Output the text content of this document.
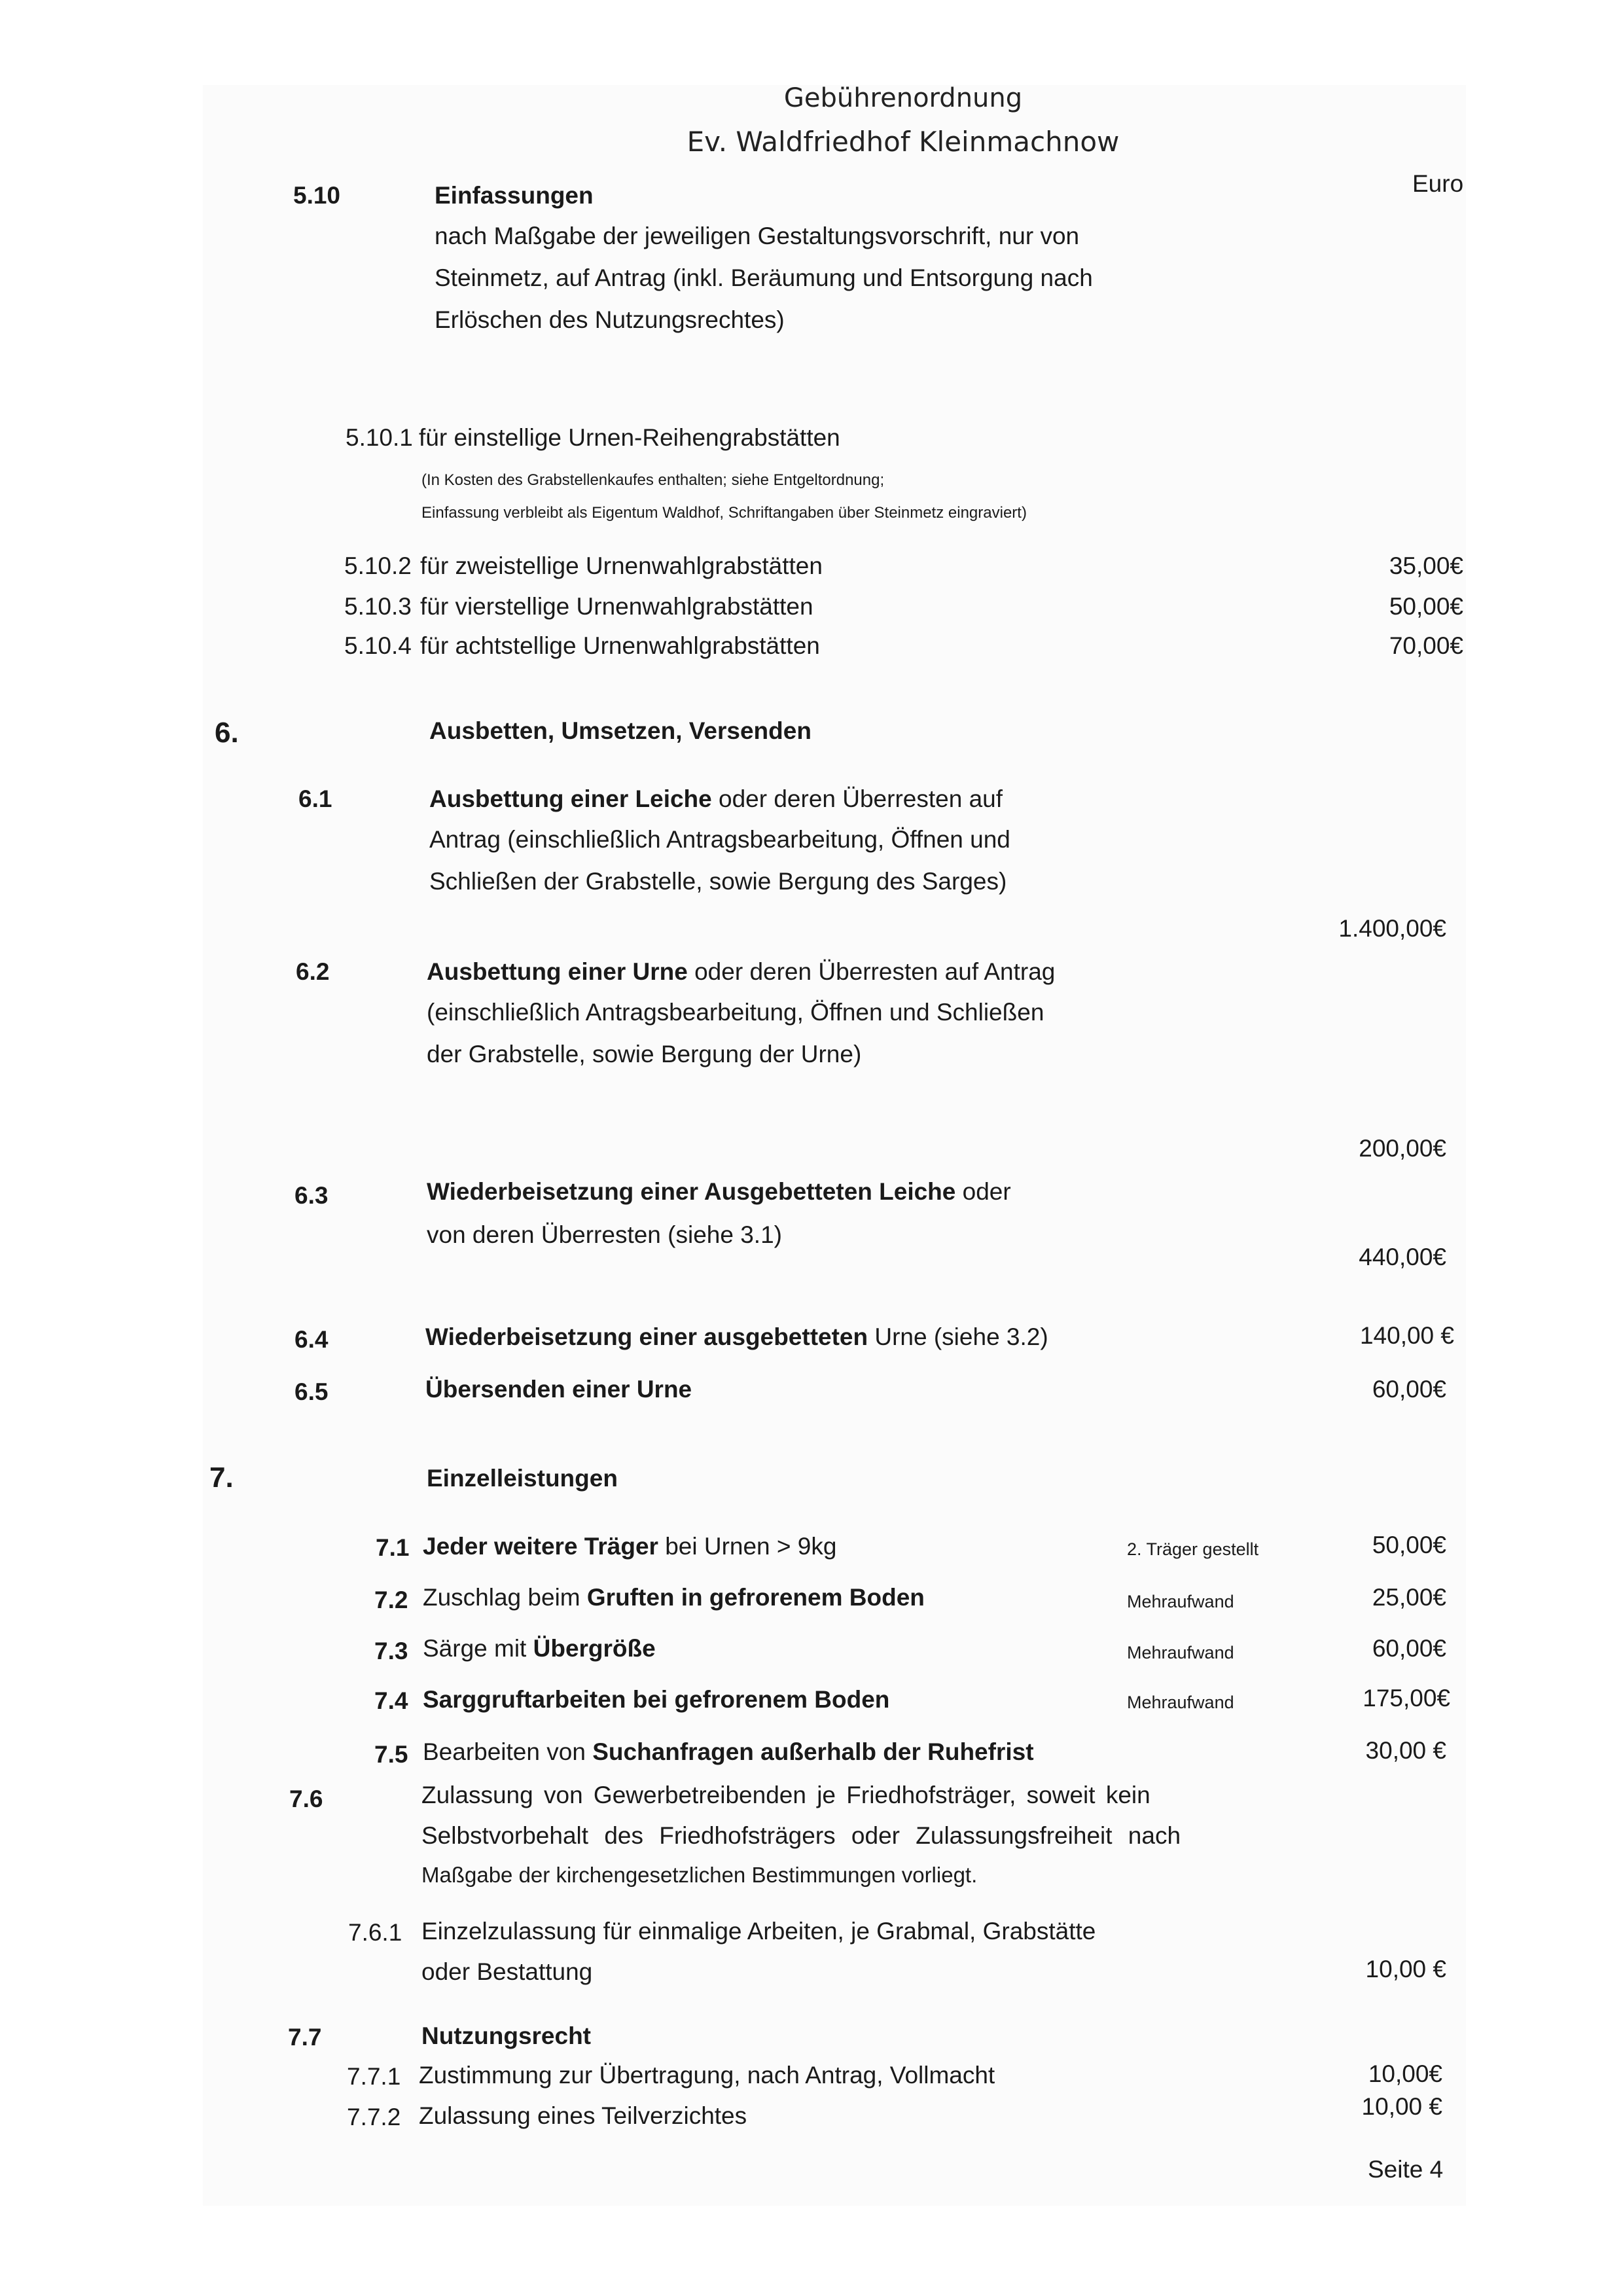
Gebührenordnung
Ev. Waldfriedhof Kleinmachnow
Euro
5.10	Einfassungen
nach Maßgabe der jeweiligen Gestaltungsvorschrift, nur von
Steinmetz, auf Antrag (inkl. Beräumung und Entsorgung nach
Erlöschen des Nutzungsrechtes)
5.10.1 für einstellige Urnen-Reihengrabstätten
(In Kosten des Grabstellenkaufes enthalten; siehe Entgeltordnung;
Einfassung verbleibt als Eigentum Waldhof, Schriftangaben über Steinmetz eingraviert)
5.10.2 für zweistellige Urnenwahlgrabstätten	35,00€
5.10.3 für vierstellige Urnenwahlgrabstätten	50,00€
5.10.4 für achtstellige Urnenwahlgrabstätten	70,00€
6.	Ausbetten, Umsetzen, Versenden
6.1	Ausbettung einer Leiche oder deren Überresten auf
Antrag (einschließlich Antragsbearbeitung, Öffnen und
Schließen der Grabstelle, sowie Bergung des Sarges)
1.400,00€
6.2	Ausbettung einer Urne oder deren Überresten auf Antrag
(einschließlich Antragsbearbeitung, Öffnen und Schließen
der Grabstelle, sowie Bergung der Urne)
200,00€
6.3	Wiederbeisetzung einer Ausgebetteten Leiche oder
von deren Überresten (siehe 3.1)
440,00€
6.4	Wiederbeisetzung einer ausgebetteten Urne (siehe 3.2)	140,00 €
6.5	Übersenden einer Urne	60,00€
7.	Einzelleistungen
7.1 Jeder weitere Träger bei Urnen > 9kg	2. Träger gestellt	50,00€
7.2 Zuschlag beim Gruften in gefrorenem Boden	Mehraufwand	25,00€
7.3 Särge mit Übergröße	Mehraufwand	60,00€
7.4 Sarggruftarbeiten bei gefrorenem Boden	Mehraufwand	175,00€
7.5 Bearbeiten von Suchanfragen außerhalb der Ruhefrist	30,00 €
7.6	Zulassung von Gewerbetreibenden je Friedhofsträger, soweit kein
Selbstvorbehalt des Friedhofsträgers oder Zulassungsfreiheit nach
Maßgabe der kirchengesetzlichen Bestimmungen vorliegt.
7.6.1 Einzelzulassung für einmalige Arbeiten, je Grabmal, Grabstätte
oder Bestattung	10,00 €
7.7	Nutzungsrecht
7.7.1 Zustimmung zur Übertragung, nach Antrag, Vollmacht	10,00€
7.7.2 Zulassung eines Teilverzichtes	10,00 €
Seite 4
